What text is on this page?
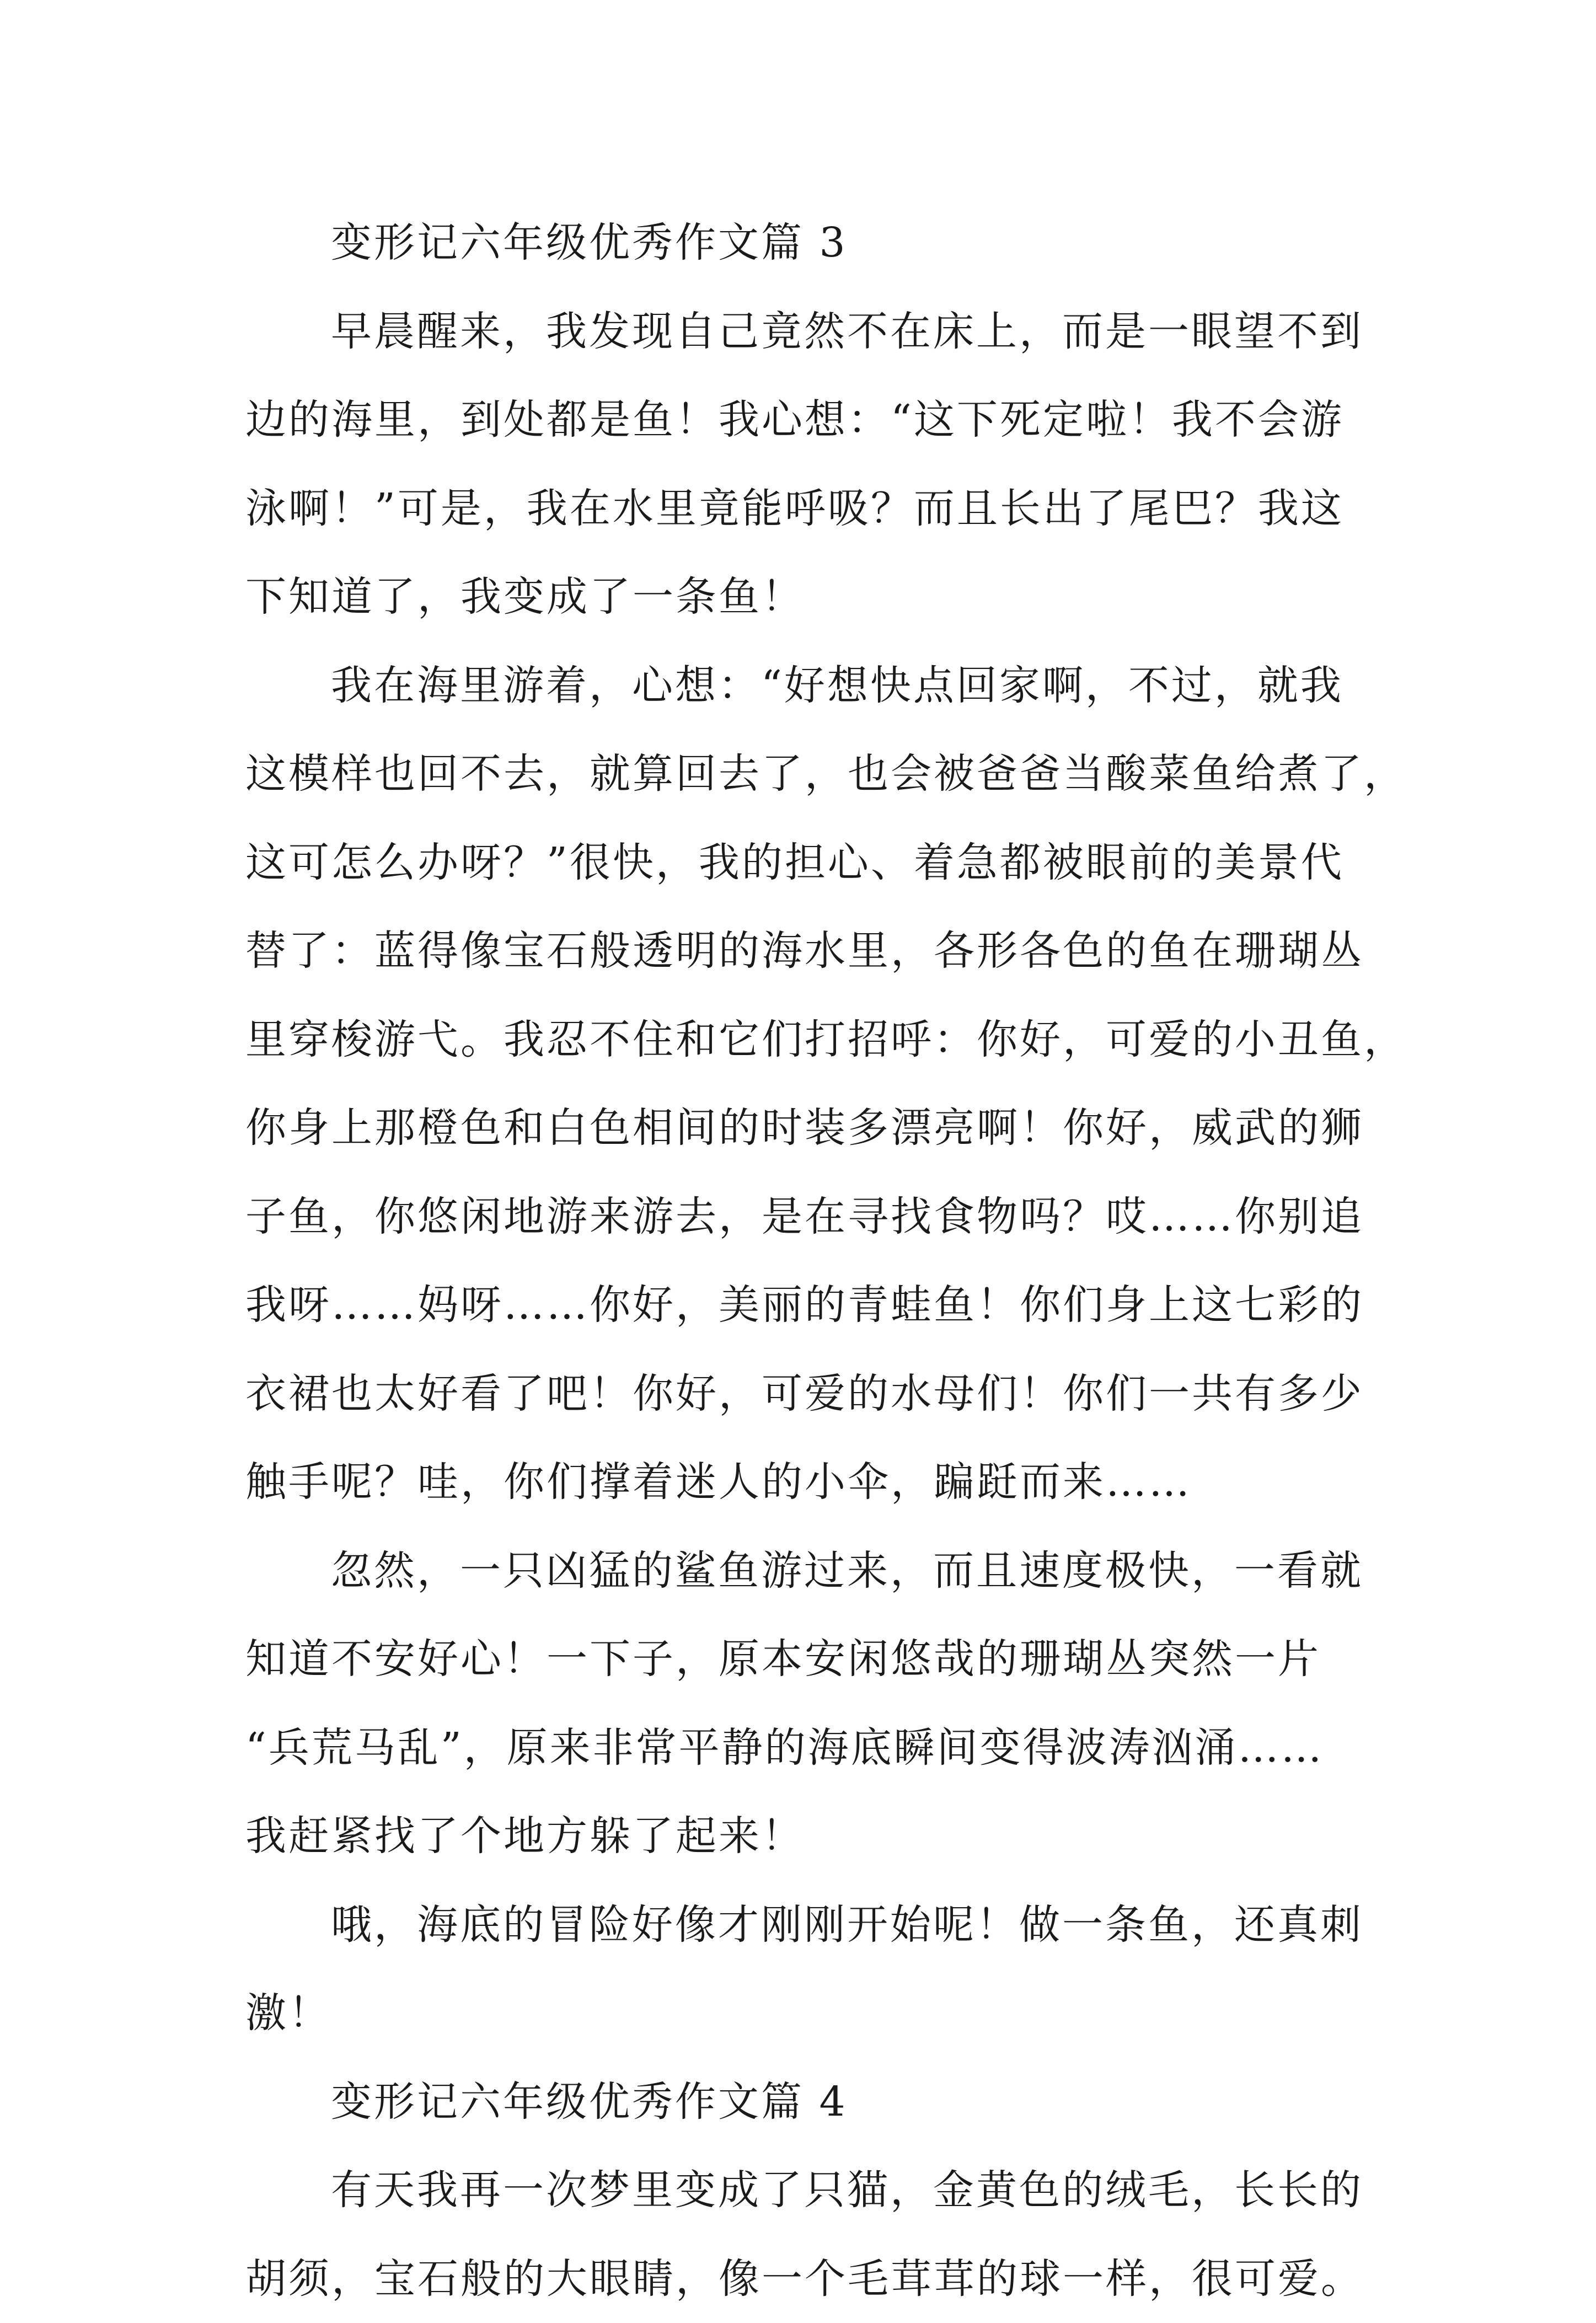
变形记六年级优秀作文篇 3
早晨醒来，我发现自己竟然不在床上，而是一眼望不到
边的海里，到处都是鱼！我心想：“这下死定啦！我不会游
泳啊！”可是，我在水里竟能呼吸？而且长出了尾巴？我这
下知道了，我变成了一条鱼！
我在海里游着，心想：“好想快点回家啊，不过，就我
这模样也回不去，就算回去了，也会被爸爸当酸菜鱼给煮了，
这可怎么办呀？”很快，我的担心、着急都被眼前的美景代
替了：蓝得像宝石般透明的海水里，各形各色的鱼在珊瑚丛
里穿梭游弋。我忍不住和它们打招呼：你好，可爱的小丑鱼，
你身上那橙色和白色相间的时装多漂亮啊！你好，威武的狮
子鱼，你悠闲地游来游去，是在寻找食物吗？哎……你别追
我呀……妈呀……你好，美丽的青蛙鱼！你们身上这七彩的
衣裙也太好看了吧！你好，可爱的水母们！你们一共有多少
触手呢？哇，你们撑着迷人的小伞，蹁跹而来……
忽然，一只凶猛的鲨鱼游过来，而且速度极快，一看就
知道不安好心！一下子，原本安闲悠哉的珊瑚丛突然一片
“兵荒马乱”，原来非常平静的海底瞬间变得波涛汹涌……
我赶紧找了个地方躲了起来！
哦，海底的冒险好像才刚刚开始呢！做一条鱼，还真刺
激！
变形记六年级优秀作文篇 4
有天我再一次梦里变成了只猫，金黄色的绒毛，长长的
胡须，宝石般的大眼睛，像一个毛茸茸的球一样，很可爱。
